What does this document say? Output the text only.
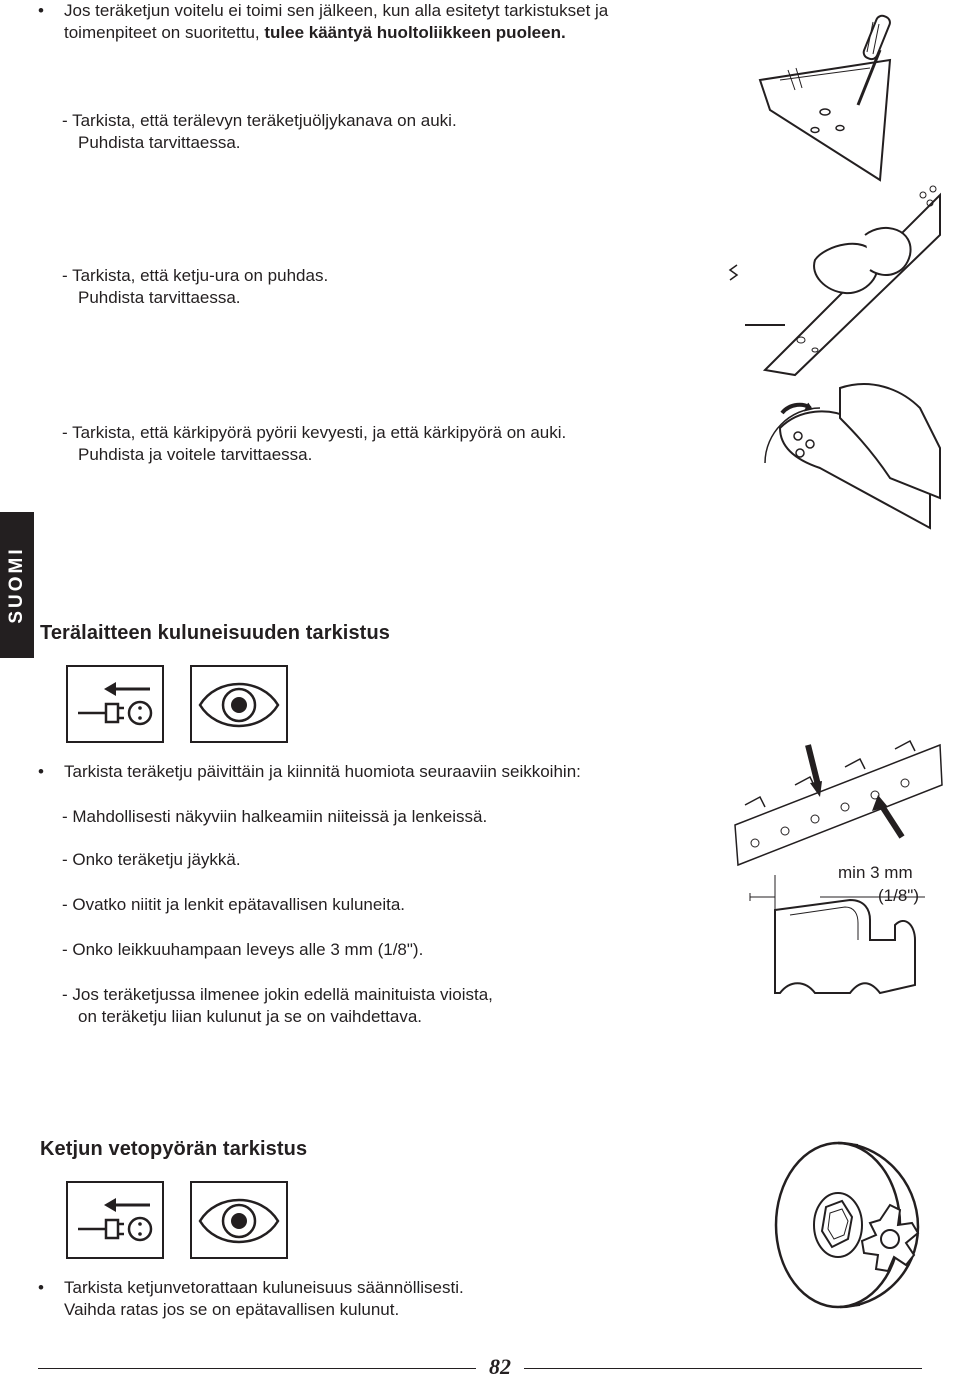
• Jos teräketjun voitelu ei toimi sen jälkeen, kun alla esitetyt tarkistukset ja
toimenpiteet on suoritettu, tulee kääntyä huoltoliikkeen puoleen.
- Tarkista, että terälevyn teräketjuöljykanava on auki.
Puhdista tarvittaessa.
- Tarkista, että ketju-ura on puhdas.
Puhdista tarvittaessa.
- Tarkista, että kärkipyörä pyörii kevyesti, ja että kärkipyörä on auki.
Puhdista ja voitele tarvittaessa.
SUOMI
Terälaitteen kuluneisuuden tarkistus
• Tarkista teräketju päivittäin ja kiinnitä huomiota seuraaviin seikkoihin:
- Mahdollisesti näkyviin halkeamiin niiteissä ja lenkeissä.
- Onko teräketju jäykkä.
- Ovatko niitit ja lenkit epätavallisen kuluneita.
- Onko leikkuuhampaan leveys alle 3 mm (1/8").
- Jos teräketjussa ilmenee jokin edellä mainituista vioista,
on teräketju liian kulunut ja se on vaihdettava.
min 3 mm
(1/8")
Ketjun vetopyörän tarkistus
• Tarkista ketjunvetorattaan kuluneisuus säännöllisesti.
Vaihda ratas jos se on epätavallisen kulunut.
82
